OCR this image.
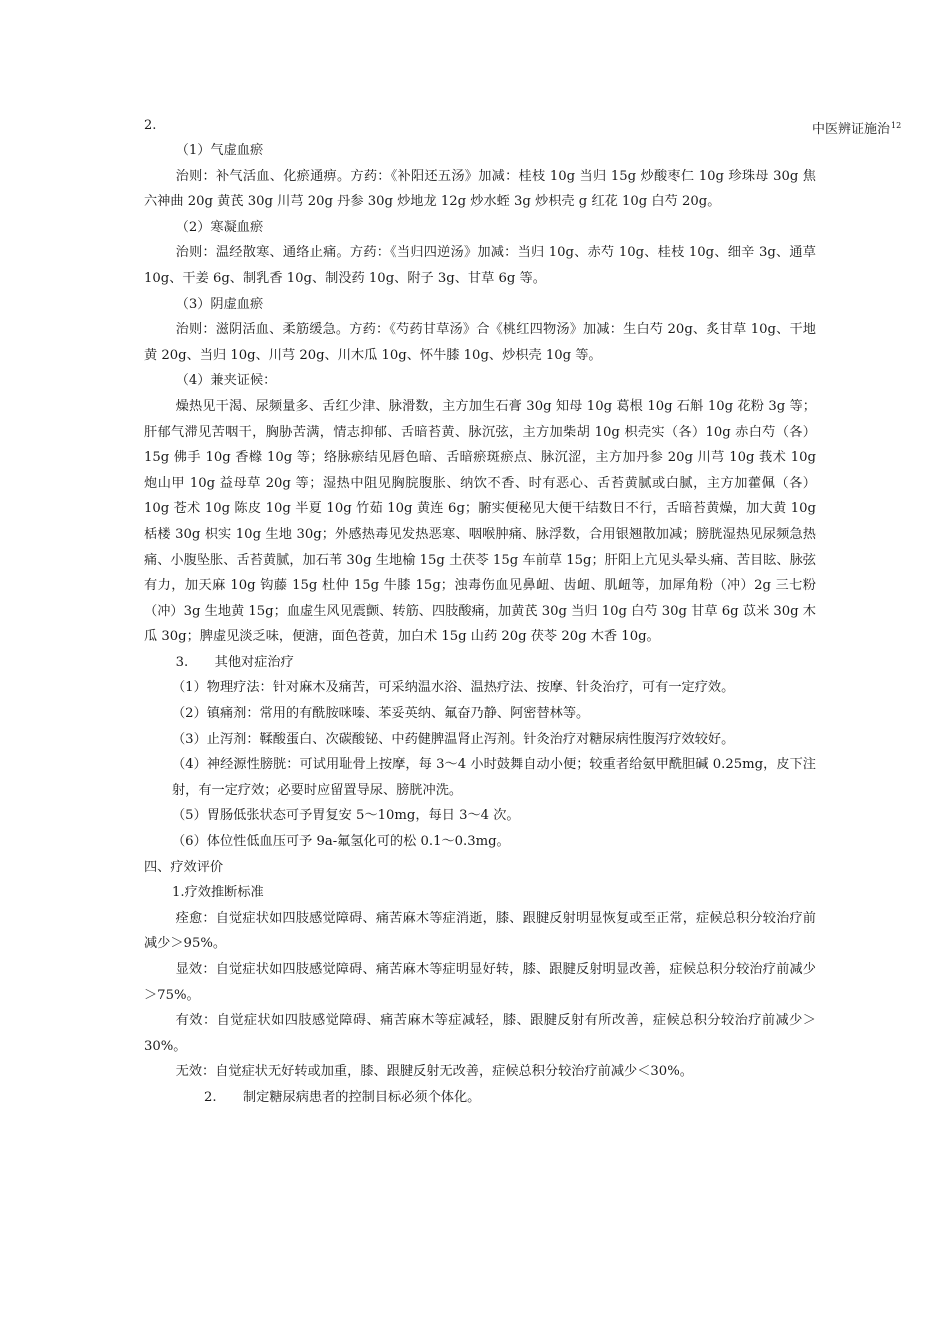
2.	中医辨证施治$^{12}$

（1）气虚血瘀

治则：补气活血、化瘀通痹。方药：《补阳还五汤》加减：桂枝 10g 当归 15g 炒酸枣仁 10g 珍珠母 30g 焦六神曲 20g 黄芪 30g 川芎 20g 丹参 30g 炒地龙 12g 炒水蛭 3g 炒枳壳 g 红花 10g 白芍 20g。

（2）寒凝血瘀

治则：温经散寒、通络止痛。方药：《当归四逆汤》加减：当归 10g、赤芍 10g、桂枝 10g、细辛 3g、通草 10g、干姜 6g、制乳香 10g、制没药 10g、附子 3g、甘草 6g 等。

（3）阴虚血瘀

治则：滋阴活血、柔筋缓急。方药：《芍药甘草汤》合《桃红四物汤》加减：生白芍 20g、炙甘草 10g、干地黄 20g、当归 10g、川芎 20g、川木瓜 10g、怀牛膝 10g、炒枳壳 10g 等。

（4）兼夹证候：

燥热见干渴、尿频量多、舌红少津、脉滑数，主方加生石膏 30g 知母 10g 葛根 10g 石斛 10g 花粉 3g 等；肝郁气滞见苦咽干，胸胁苦满，情志抑郁、舌暗苔黄、脉沉弦，主方加柴胡 10g 枳壳实（各）10g 赤白芍（各）15g 佛手 10g 香橼 10g 等；络脉瘀结见唇色暗、舌暗瘀斑瘀点、脉沉涩，主方加丹参 20g 川芎 10g 莪术 10g 炮山甲 10g 益母草 20g 等；湿热中阻见胸脘腹胀、纳饮不香、时有恶心、舌苔黄腻或白腻，主方加藿佩（各）10g 苍术 10g 陈皮 10g 半夏 10g 竹茹 10g 黄连 6g；腑实便秘见大便干结数日不行，舌暗苔黄燥，加大黄 10g 栝楼 30g 枳实 10g 生地 30g；外感热毒见发热恶寒、咽喉肿痛、脉浮数，合用银翘散加减；膀胱湿热见尿频急热痛、小腹坠胀、舌苔黄腻，加石苇 30g 生地榆 15g 土茯苓 15g 车前草 15g；肝阳上亢见头晕头痛、苦目眩、脉弦有力，加天麻 10g 钩藤 15g 杜仲 15g 牛膝 15g；浊毒伤血见鼻衄、齿衄、肌衄等，加犀角粉（冲）2g 三七粉（冲）3g 生地黄 15g；血虚生风见震颤、转筋、四肢酸痛，加黄芪 30g 当归 10g 白芍 30g 甘草 6g 苡米 30g 木瓜 30g；脾虚见淡乏味，便溏，面色苍黄，加白术 15g 山药 20g 茯苓 20g 木香 10g。

3.　　其他对症治疗

（1）物理疗法：针对麻木及痛苦，可采纳温水浴、温热疗法、按摩、针灸治疗，可有一定疗效。

（2）镇痛剂：常用的有酰胺咪嗪、苯妥英纳、氟奋乃静、阿密替林等。

（3）止泻剂：鞣酸蛋白、次碳酸铋、中药健脾温肾止泻剂。针灸治疗对糖尿病性腹泻疗效较好。

（4）神经源性膀胱：可试用耻骨上按摩，每 3～4 小时鼓舞自动小便；较重者给氨甲酰胆碱 0.25mg，皮下注射，有一定疗效；必要时应留置导尿、膀胱冲洗。

（5）胃肠低张状态可予胃复安 5～10mg，每日 3～4 次。

（6）体位性低血压可予 9a-氟氢化可的松 0.1～0.3mg。

四、疗效评价

1.疗效推断标准

痊愈：自觉症状如四肢感觉障碍、痛苦麻木等症消逝，膝、跟腱反射明显恢复或至正常，症候总积分较治疗前减少＞95%。

显效：自觉症状如四肢感觉障碍、痛苦麻木等症明显好转，膝、跟腱反射明显改善，症候总积分较治疗前减少＞75%。

有效：自觉症状如四肢感觉障碍、痛苦麻木等症减轻，膝、跟腱反射有所改善，症候总积分较治疗前减少＞30%。

无效：自觉症状无好转或加重，膝、跟腱反射无改善，症候总积分较治疗前减少＜30%。

2.　　制定糖尿病患者的控制目标必须个体化。
